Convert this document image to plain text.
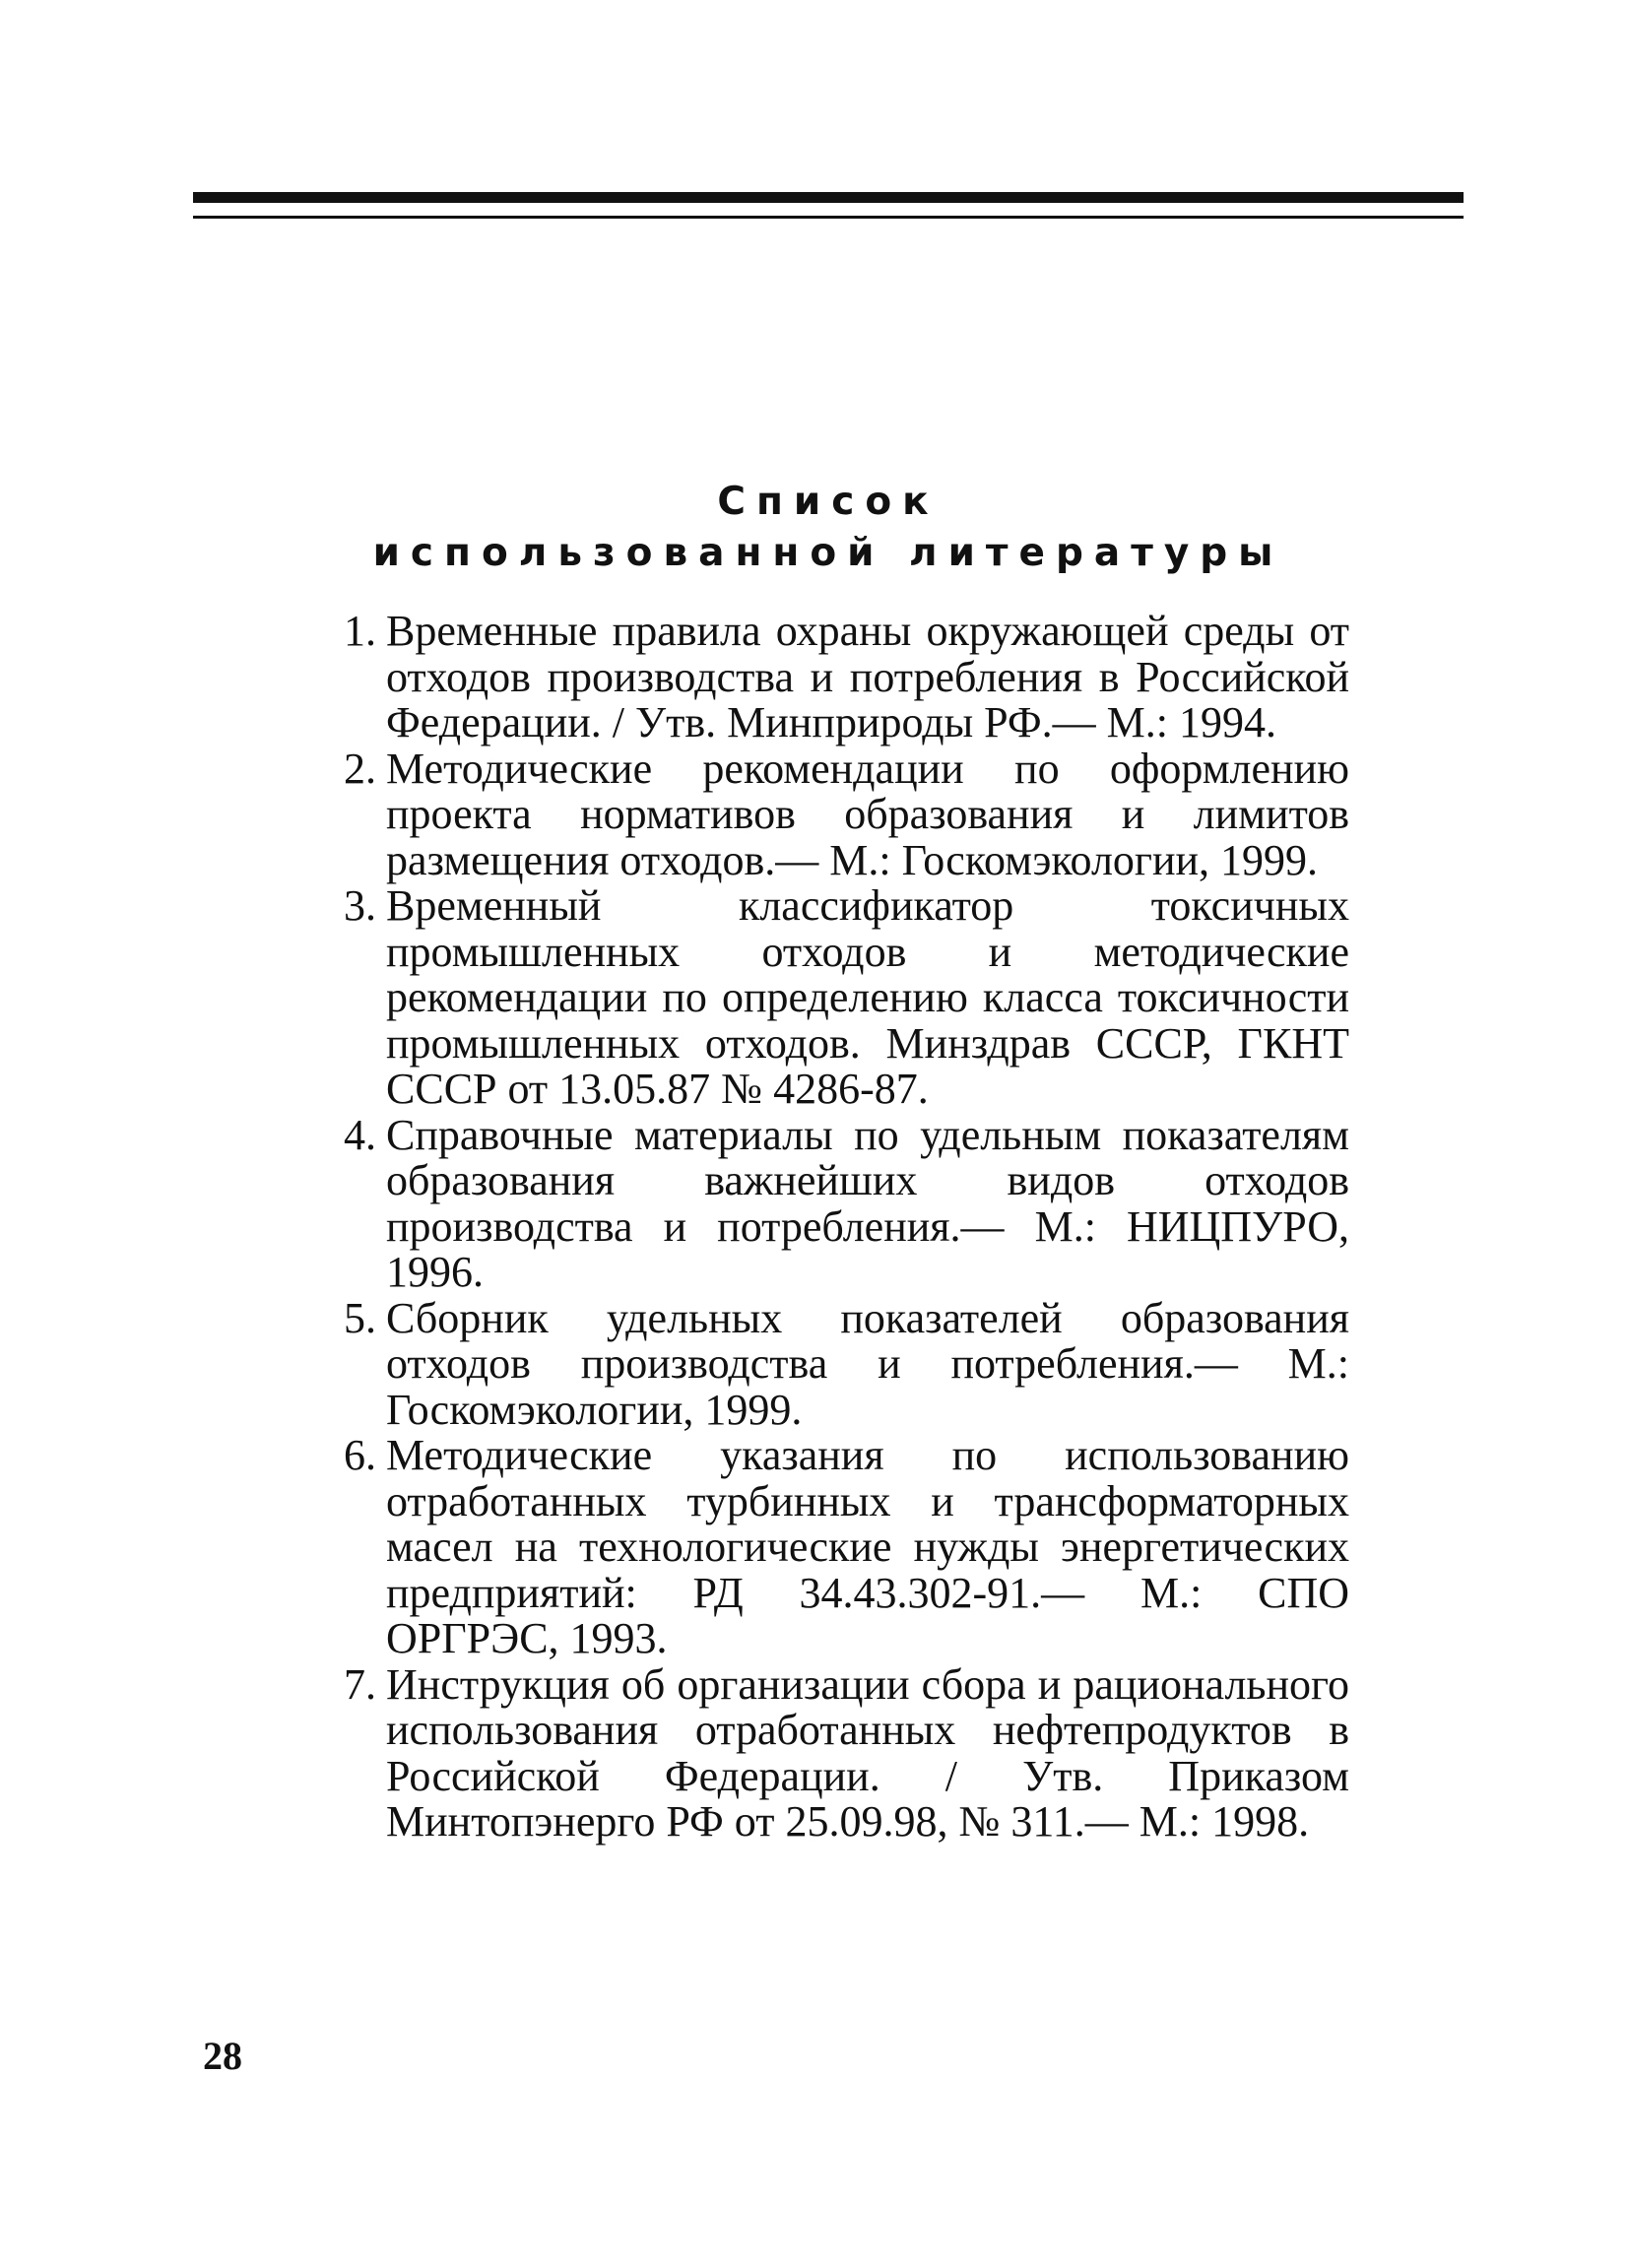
Список
использованной литературы
1. Временные правила охраны окружающей среды от отходов производства и потребления в Российской Федерации. / Утв. Минприроды РФ.— М.: 1994.
2. Методические рекомендации по оформлению проекта нормативов образования и лимитов размещения отходов.— М.: Госкомэкологии, 1999.
3. Временный классификатор токсичных промышленных отходов и методические рекомендации по определению класса токсичности промышленных отходов. Минздрав СССР, ГКНТ СССР от 13.05.87 № 4286-87.
4. Справочные материалы по удельным показателям образования важнейших видов отходов производства и потребления.— М.: НИЦПУРО, 1996.
5. Сборник удельных показателей образования отходов производства и потребления.— М.: Госкомэкологии, 1999.
6. Методические указания по использованию отработанных турбинных и трансформаторных масел на технологические нужды энергетических предприятий: РД 34.43.302-91.— М.: СПО ОРГРЭС, 1993.
7. Инструкция об организации сбора и рационального использования отработанных нефтепродуктов в Российской Федерации. / Утв. Приказом Минтопэнерго РФ от 25.09.98, № 311.— М.: 1998.
28
